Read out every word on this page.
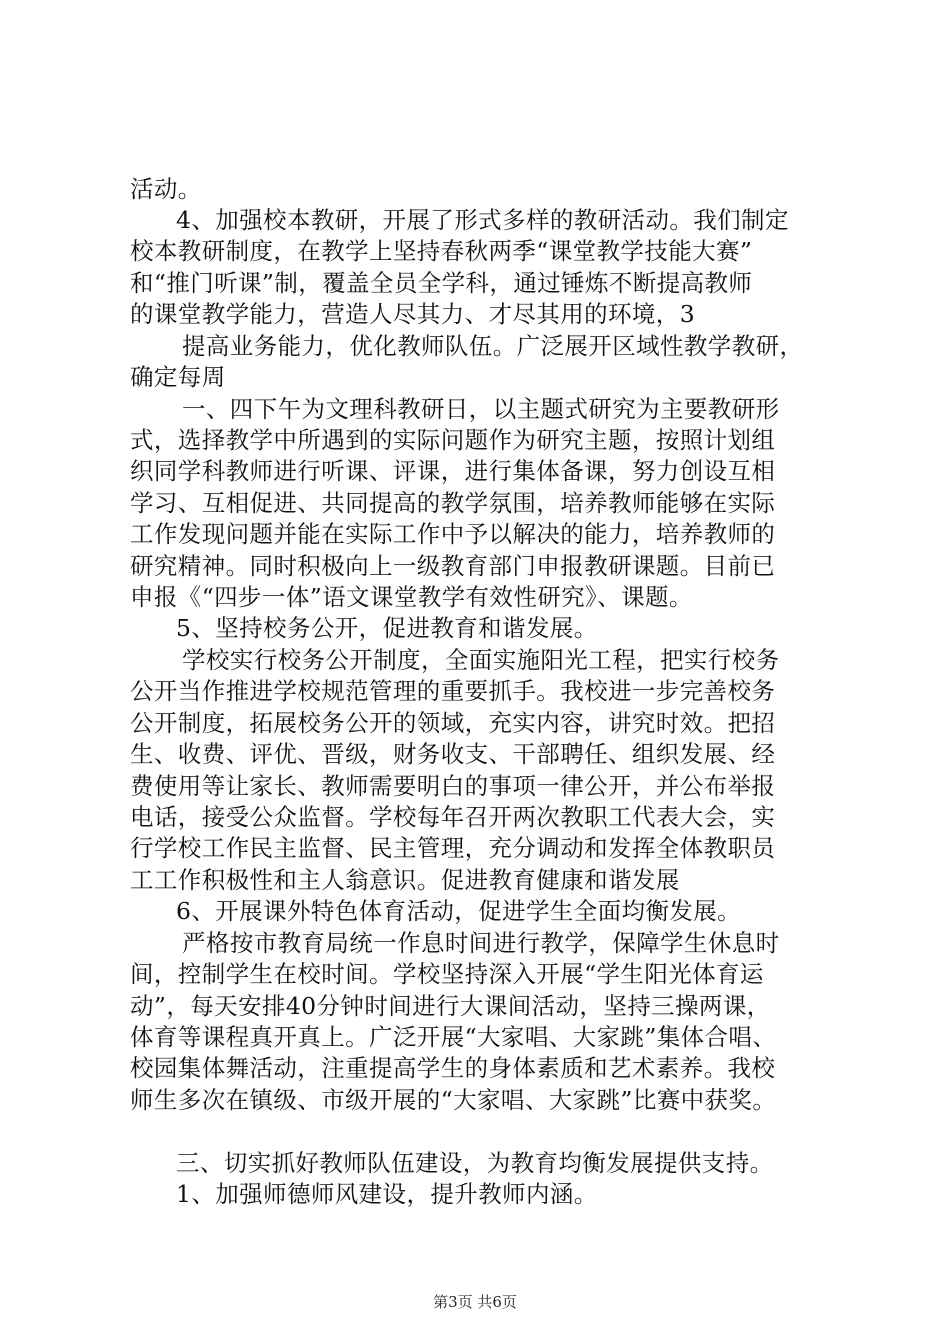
活动。
4、加强校本教研，开展了形式多样的教研活动。我们制定
校本教研制度，在教学上坚持春秋两季“课堂教学技能大赛”
和“推门听课”制，覆盖全员全学科，通过锤炼不断提高教师
的课堂教学能力，营造人尽其力、才尽其用的环境，3
提高业务能力，优化教师队伍。广泛展开区域性教学教研，
确定每周
一、四下午为文理科教研日，以主题式研究为主要教研形
式，选择教学中所遇到的实际问题作为研究主题，按照计划组
织同学科教师进行听课、评课，进行集体备课，努力创设互相
学习、互相促进、共同提高的教学氛围，培养教师能够在实际
工作发现问题并能在实际工作中予以解决的能力，培养教师的
研究精神。同时积极向上一级教育部门申报教研课题。目前已
申报《“四步一体”语文课堂教学有效性研究》、课题。
5、坚持校务公开，促进教育和谐发展。
学校实行校务公开制度，全面实施阳光工程，把实行校务
公开当作推进学校规范管理的重要抓手。我校进一步完善校务
公开制度，拓展校务公开的领域，充实内容，讲究时效。把招
生、收费、评优、晋级，财务收支、干部聘任、组织发展、经
费使用等让家长、教师需要明白的事项一律公开，并公布举报
电话，接受公众监督。学校每年召开两次教职工代表大会，实
行学校工作民主监督、民主管理，充分调动和发挥全体教职员
工工作积极性和主人翁意识。促进教育健康和谐发展
6、开展课外特色体育活动，促进学生全面均衡发展。
严格按市教育局统一作息时间进行教学，保障学生休息时
间，控制学生在校时间。学校坚持深入开展“学生阳光体育运
动”，每天安排40分钟时间进行大课间活动，坚持三操两课，
体育等课程真开真上。广泛开展“大家唱、大家跳”集体合唱、
校园集体舞活动，注重提高学生的身体素质和艺术素养。我校
师生多次在镇级、市级开展的“大家唱、大家跳”比赛中获奖。
三、切实抓好教师队伍建设，为教育均衡发展提供支持。
1、加强师德师风建设，提升教师内涵。
第3页 共6页
